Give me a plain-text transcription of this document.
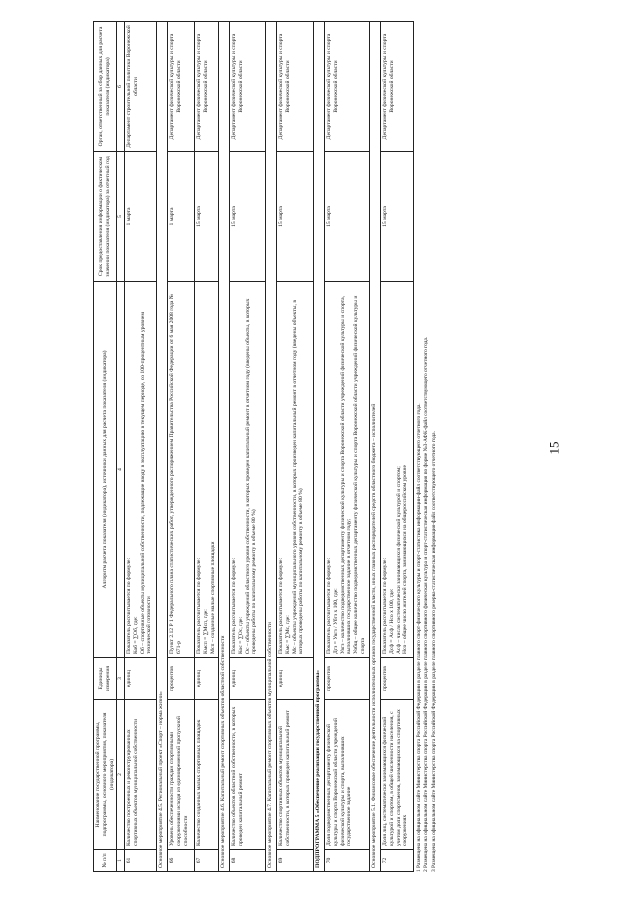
15
№ п/п	Наименование государственной программы, подпрограммы, основного мероприятия, показателя (индикатора)	Единицы измерения	Алгоритм расчета показателя (индикатора), источники данных для расчета показателя (индикатора)	Срок предоставления информации о фактическом значении показателя (индикатора) за отчетный год	Орган, ответственный за сбор данных для расчета показателя (индикатора)
1	2	3	4	5	6
61	Количество построенных и реконструированных спортивных объектов муниципальной собственности	единиц	Показатель рассчитывается по формуле:
Коб = ∑Об, где:
Об – спортивные объекты муниципальной собственности, подлежащие вводу в эксплуатацию в текущем периоде, со 100-процентным уровнем технической готовности	1 марта	Департамент строительной политики Воронежской области
Основное мероприятие 4.5. Региональный проект «Спорт – норма жизни»					
66	Уровень обеспеченности граждан спортивными сооружениями исходя из единовременной пропускной способности	процентов	Пункт 2.12 Р 1 Федерального плана статистических работ, утвержденного распоряжением Правительства Российской Федерации от 6 мая 2008 года № 671-р	1 марта	Департамент физической культуры и спорта Воронежской области
67	Количество созданных малых спортивных площадок	единиц	Показатель рассчитывается по формуле:
Кмсп = ∑Мсп, где:
Мсп – созданные малые спортивные площадки	15 марта	Департамент физической культуры и спорта Воронежской области
Основное мероприятие 4.6. Капитальный ремонт спортивных объектов областной собственности					
68	Количество объектов областной собственности, в которых проведен капитальный ремонт	единиц	Показатель рассчитывается по формуле:
Кос = ∑Ос, где:
Ос – объекты учреждений областного уровня собственности, в которых проведен капитальный ремонт в отчетном году (введены объекты, в которых проведены работы по капитальному ремонту в объеме 80 %)	15 марта	Департамент физической культуры и спорта Воронежской области
Основное мероприятие 4.7. Капитальный ремонт спортивных объектов муниципальной собственности					
69	Количество спортивных объектов муниципальной собственности, в которых проведен капитальный ремонт	единиц	Показатель рассчитывается по формуле:
Кмс = ∑Мс, где:
Мс – объекты учреждений муниципального уровня собственности, в которых произведен капитальный ремонт в отчетном году (введены объекты, в которых проведены работы по капитальному ремонту в объеме 80 %)	15 марта	Департамент физической культуры и спорта Воронежской области
ПОДПРОГРАММА 5 «Обеспечение реализации государственной программы»					
70	Доля подведомственных департаменту физической культуры и спорта Воронежской области учреждений физической культуры и спорта, выполнивших государственное задание	процентов	Показатель рассчитывается по формуле:
Дгз = Увгз / Убгз х 100, где:
Увгз – количество подведомственных департаменту физической культуры и спорта Воронежской области учреждений физической культуры и спорта, выполнивших государственное задание в отчетном году;
Уобщ – общее количество подведомственных департаменту физической культуры и спорта Воронежской области учреждений физической культуры и спорта	15 марта	Департамент физической культуры и спорта Воронежской области
Основное мероприятие 5.1. Финансовое обеспечение деятельности исполнительных органов государственной власти, иных главных распорядителей средств областного бюджета – исполнителей					
72	Доля лиц, систематически занимающихся физической культурой и спортом, в общей численности населения, с учетом доли спортсменов, занимающихся на спортивных сооружениях	процентов	Показатель рассчитывается по формуле:
Дсф = Асф / Нсо х 100, где:
Асф – число систематически занимающихся физической культурой и спортом;
Нсо – общее число жителей спорта, занимающихся на общероссийском уровне	15 марта	Департамент физической культуры и спорта Воронежской области

1 Размещена на официальном сайте Министерства спорта Российской Федерации в разделе главного спорт-физического культуры и спорт-статистика информации-файл соответствующего отчетного года. 2 Размещена на официальном сайте Министерства спорта Российской Федерации в разделе главного спортивного физическая культура и спорт-статистическая информация по форме №3-АФК-файл соответствующего отчетного года. 3 Размещена на официальном сайте Министерства спорта Российской Федерации в разделе главного спортивного резерва-статистическая информация-файл соответствующего отчетного года.
